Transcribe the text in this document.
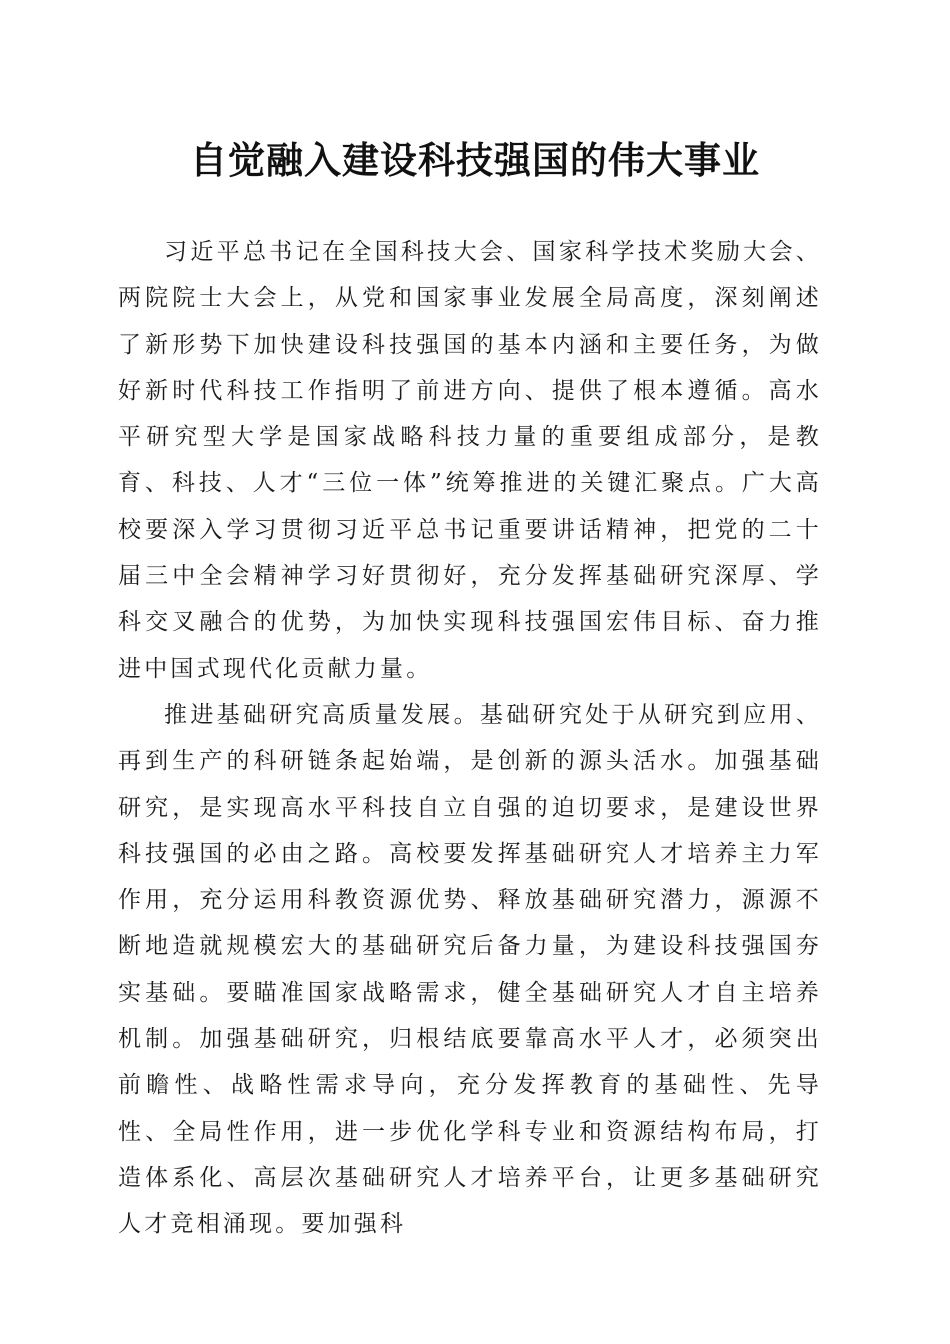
自觉融入建设科技强国的伟大事业

习近平总书记在全国科技大会、国家科学技术奖励大会、两院院士大会上，从党和国家事业发展全局高度，深刻阐述了新形势下加快建设科技强国的基本内涵和主要任务，为做好新时代科技工作指明了前进方向、提供了根本遵循。高水平研究型大学是国家战略科技力量的重要组成部分，是教育、科技、人才“三位一体”统筹推进的关键汇聚点。广大高校要深入学习贯彻习近平总书记重要讲话精神，把党的二十届三中全会精神学习好贯彻好，充分发挥基础研究深厚、学科交叉融合的优势，为加快实现科技强国宏伟目标、奋力推进中国式现代化贡献力量。

推进基础研究高质量发展。基础研究处于从研究到应用、再到生产的科研链条起始端，是创新的源头活水。加强基础研究，是实现高水平科技自立自强的迫切要求，是建设世界科技强国的必由之路。高校要发挥基础研究人才培养主力军作用，充分运用科教资源优势、释放基础研究潜力，源源不断地造就规模宏大的基础研究后备力量，为建设科技强国夯实基础。要瞄准国家战略需求，健全基础研究人才自主培养机制。加强基础研究，归根结底要靠高水平人才，必须突出前瞻性、战略性需求导向，充分发挥教育的基础性、先导性、全局性作用，进一步优化学科专业和资源结构布局，打造体系化、高层次基础研究人才培养平台，让更多基础研究人才竞相涌现。要加强科
